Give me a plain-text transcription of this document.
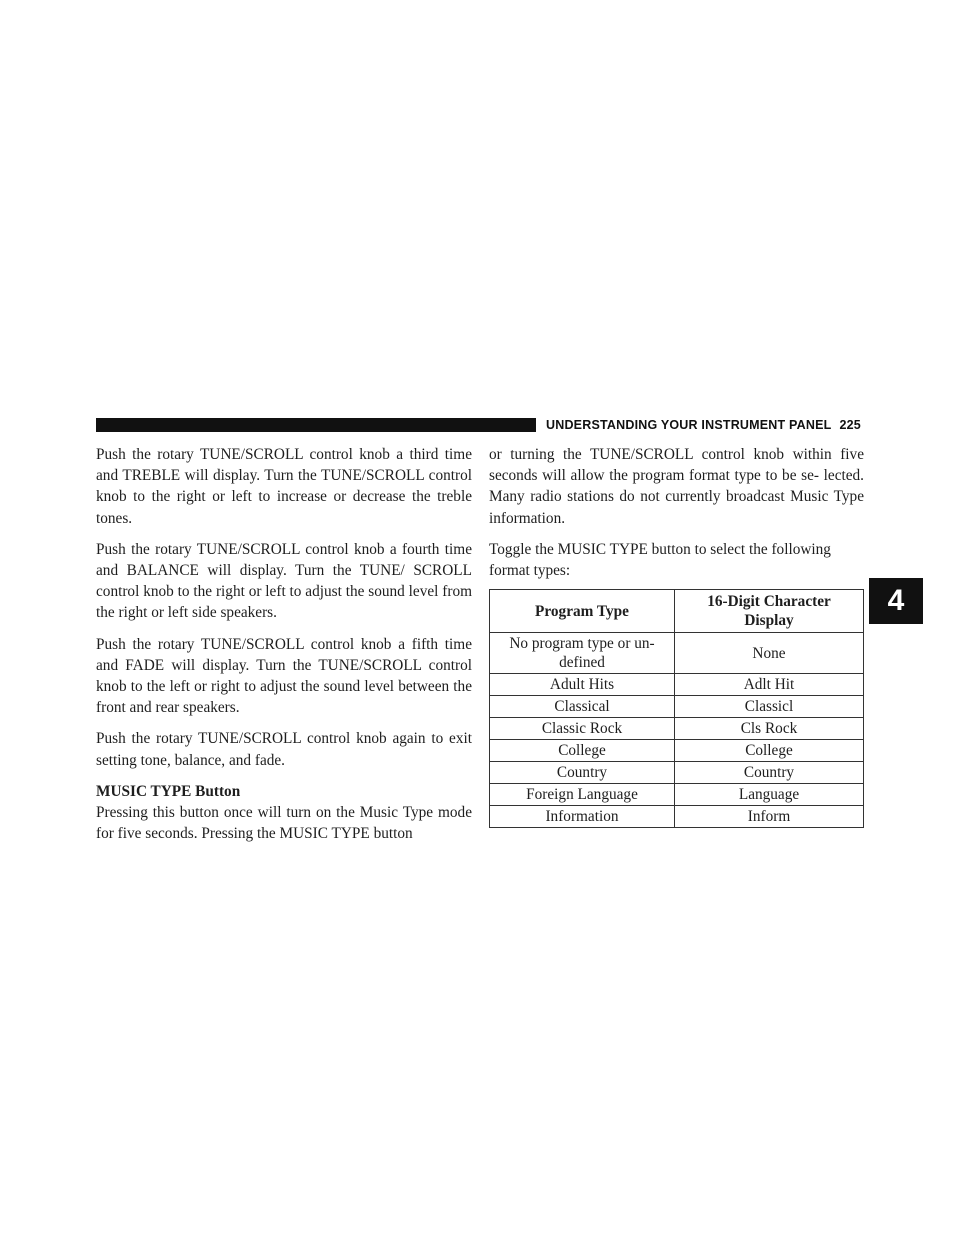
UNDERSTANDING YOUR INSTRUMENT PANEL 225

Push the rotary TUNE/SCROLL control knob a third time and TREBLE will display. Turn the TUNE/SCROLL control knob to the right or left to increase or decrease the treble tones.

Push the rotary TUNE/SCROLL control knob a fourth time and BALANCE will display. Turn the TUNE/ SCROLL control knob to the right or left to adjust the sound level from the right or left side speakers.

Push the rotary TUNE/SCROLL control knob a fifth time and FADE will display. Turn the TUNE/SCROLL control knob to the left or right to adjust the sound level between the front and rear speakers.

Push the rotary TUNE/SCROLL control knob again to exit setting tone, balance, and fade.

MUSIC TYPE Button

Pressing this button once will turn on the Music Type mode for five seconds. Pressing the MUSIC TYPE button

or turning the TUNE/SCROLL control knob within five seconds will allow the program format type to be se- lected. Many radio stations do not currently broadcast Music Type information.

Toggle the MUSIC TYPE button to select the following format types:

Program Type	16-Digit Character Display
No program type or un- defined	None
Adult Hits	Adlt Hit
Classical	Classicl
Classic Rock	Cls Rock
College	College
Country	Country
Foreign Language	Language
Information	Inform
4
